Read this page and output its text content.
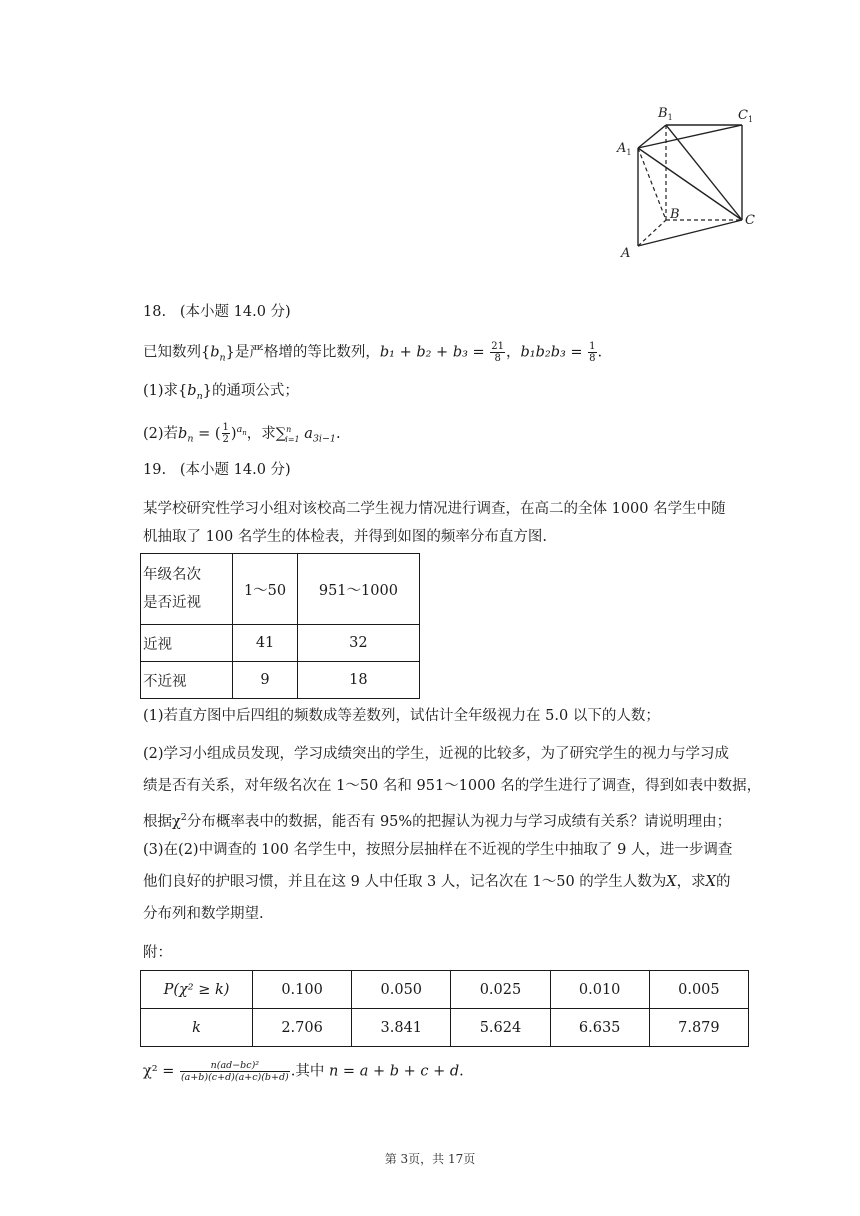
$B_1$	$C_1$
$A_1$
B	C
A
18.   (本小题 14.0 分)
已知数列$\{b_n\}$是严格增的等比数列，$b_1 + b_2 + b_3 = \frac{21}{8}$ ，$b_1b_2b_3 = \frac{1}{8}$ .
(1)求$\{b_n\}$的通项公式；
(2)若$b_n$ = ( $\frac{1}{2} )^{a_n}$，求∑$^n_{i=1}$ $a_{3i-1}$.
19.   (本小题 14.0 分)
某学校研究性学习小组对该校高二学生视力情况进行调查，在高二的全体 1000 名学生中随
机抽取了 100 名学生的体检表，并得到如图的频率分布直方图.
年级名次
是否近视	1～50	951～1000
近视	41	32
不近视	9	18
(1)若直方图中后四组的频数成等差数列，试估计全年级视力在 5.0 以下的人数；
(2)学习小组成员发现，学习成绩突出的学生，近视的比较多，为了研究学生的视力与学习成
绩是否有关系，对年级名次在 1～50 名和 951～1000 名的学生进行了调查，得到如表中数据，
根据$\chi^2$分布概率表中的数据，能否有 95%的把握认为视力与学习成绩有关系？请说明理由；
(3)在(2)中调查的 100 名学生中，按照分层抽样在不近视的学生中抽取了 9 人，进一步调查
他们良好的护眼习惯，并且在这 9 人中任取 3 人，记名次在 1～50 的学生人数为X，求X的
分布列和数学期望.
附：
P(χ² ≥ k)	0.100	0.050	0.025	0.010	0.005
k	2.706	3.841	5.624	6.635	7.879
$\chi^2 = \frac{\text{n(ad−bc)²}}{(a+b)(c+d)(a+c)(b+d)}$ .其中 n = a + b + c + d.
第 3页，共 17页
